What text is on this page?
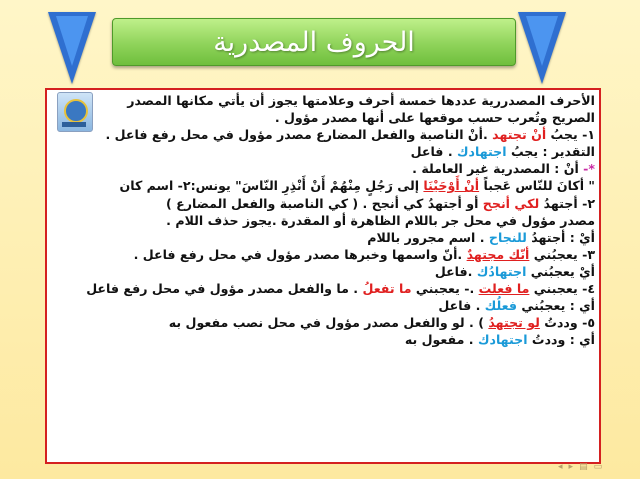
الحروف المصدرية
الأحرف المصدررية عددها خمسة أحرف وعلامتها يجوز أن يأتي مكانها المصدر
الصريح وتُعرب حسب موقعها على أنها مصدر مؤول .
١- يجبُ أنْ تجتهد .أنْ الناصبة والفعل المضارع مصدر مؤول في محل رفع فاعل .
التقدير : يجبُ اجتهادك . فاعل
*- أنْ : المصدرية غير العاملة .
" أكانَ للنّاس عَجباً أنْ أَوْحَيْنَا إلى رَجُلٍ مِنْهُمْ أَنْ أَنْذِرِ النّاسَ" يونس:٢- اسم كان
٢- أجتهدُ لكي أنجح أو أجتهدُ كي أنجح . ( كي الناصبة والفعل المضارع )
مصدر مؤول في محل جر باللام الظاهرة أو المقدرة .يجوز حذف اللام .
أيْ : أجتهدُ للنجاح . اسم مجرور باللام
٣- يعجبُني أنّك مجتهدٌ .أنّ واسمها وخبرها مصدر مؤول في محل رفع فاعل .
أيْ يعجبُني اجتهادُك .فاعل
٤- يعجبني ما فعلت .- يعجبني ما تفعلُ . ما والفعل مصدر مؤول في محل رفع فاعل
أي : يعجبُني فعلُك . فاعل
٥- وددتُ لو تجتهدُ ) . لو والفعل مصدر مؤول في محل نصب مفعول به
أي : وددتُ اجتهادك . مفعول به
◂ ▸ ▤ ▭
